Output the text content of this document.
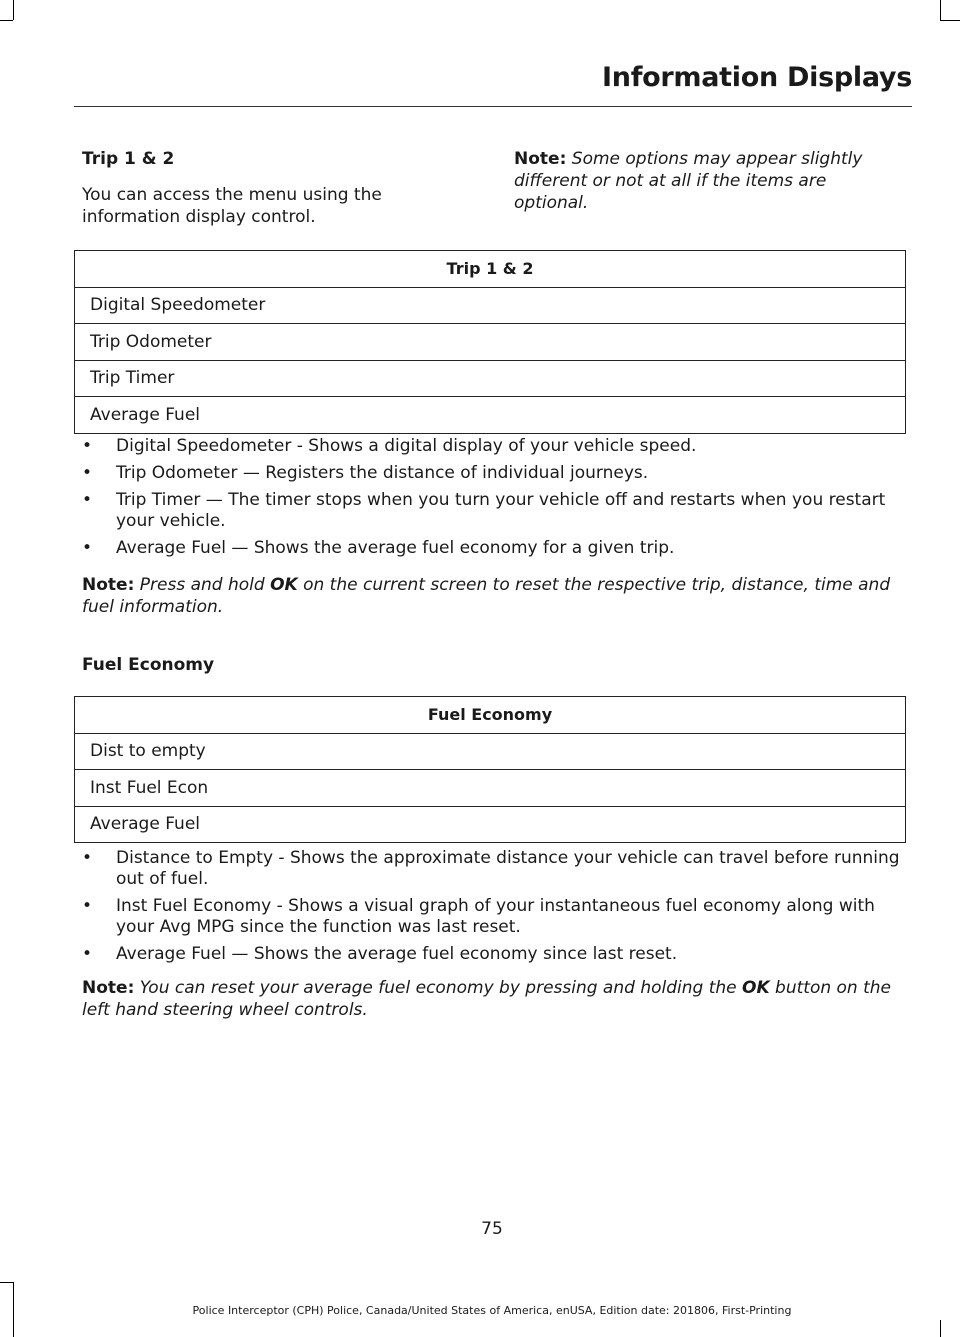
Information Displays
Trip 1 & 2
You can access the menu using the information display control.
Note: Some options may appear slightly different or not at all if the items are optional.
Trip 1 & 2
Digital Speedometer
Trip Odometer
Trip Timer
Average Fuel
• Digital Speedometer - Shows a digital display of your vehicle speed.
• Trip Odometer — Registers the distance of individual journeys.
• Trip Timer — The timer stops when you turn your vehicle off and restarts when you restart your vehicle.
• Average Fuel — Shows the average fuel economy for a given trip.
Note: Press and hold OK on the current screen to reset the respective trip, distance, time and fuel information.
Fuel Economy
Fuel Economy
Dist to empty
Inst Fuel Econ
Average Fuel
• Distance to Empty - Shows the approximate distance your vehicle can travel before running out of fuel.
• Inst Fuel Economy - Shows a visual graph of your instantaneous fuel economy along with your Avg MPG since the function was last reset.
• Average Fuel — Shows the average fuel economy since last reset.
Note: You can reset your average fuel economy by pressing and holding the OK button on the left hand steering wheel controls.
75
Police Interceptor (CPH) Police, Canada/United States of America, enUSA, Edition date: 201806, First-Printing
